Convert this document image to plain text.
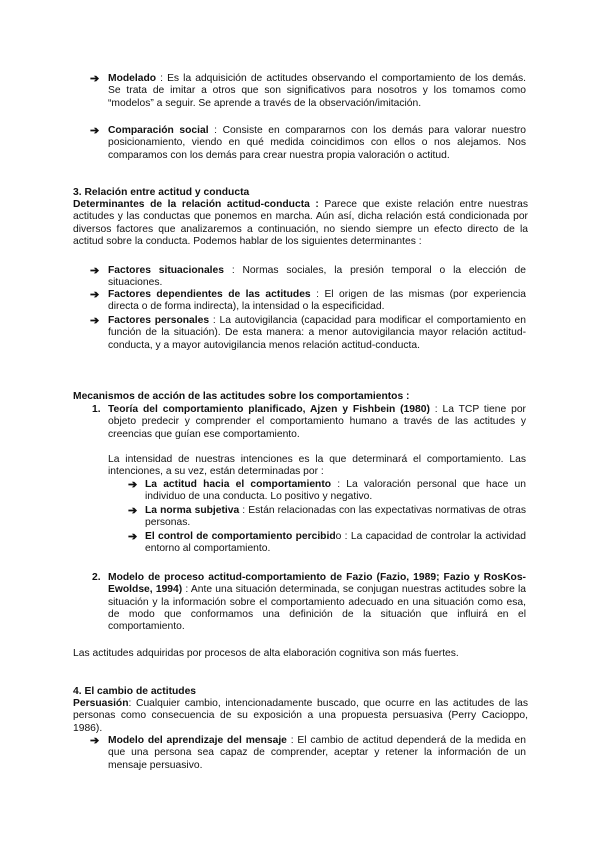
➔ Modelado : Es la adquisición de actitudes observando el comportamiento de los demás. Se trata de imitar a otros que son significativos para nosotros y los tomamos como “modelos” a seguir. Se aprende a través de la observación/imitación.
➔ Comparación social : Consiste en compararnos con los demás para valorar nuestro posicionamiento, viendo en qué medida coincidimos con ellos o nos alejamos. Nos comparamos con los demás para crear nuestra propia valoración o actitud.
3. Relación entre actitud y conducta
Determinantes de la relación actitud-conducta : Parece que existe relación entre nuestras actitudes y las conductas que ponemos en marcha. Aún así, dicha relación está condicionada por diversos factores que analizaremos a continuación, no siendo siempre un efecto directo de la actitud sobre la conducta. Podemos hablar de los siguientes determinantes :
➔ Factores situacionales : Normas sociales, la presión temporal o la elección de situaciones.
➔ Factores dependientes de las actitudes : El origen de las mismas (por experiencia directa o de forma indirecta), la intensidad o la especificidad.
➔ Factores personales : La autovigilancia (capacidad para modificar el comportamiento en función de la situación). De esta manera: a menor autovigilancia mayor relación actitud-conducta, y a mayor autovigilancia menos relación actitud-conducta.
Mecanismos de acción de las actitudes sobre los comportamientos :
1. Teoría del comportamiento planificado, Ajzen y Fishbein (1980) : La TCP tiene por objeto predecir y comprender el comportamiento humano a través de las actitudes y creencias que guían ese comportamiento.
La intensidad de nuestras intenciones es la que determinará el comportamiento. Las intenciones, a su vez, están determinadas por :
➔ La actitud hacia el comportamiento : La valoración personal que hace un individuo de una conducta. Lo positivo y negativo.
➔ La norma subjetiva : Están relacionadas con las expectativas normativas de otras personas.
➔ El control de comportamiento percibido : La capacidad de controlar la actividad entorno al comportamiento.
2. Modelo de proceso actitud-comportamiento de Fazio (Fazio, 1989; Fazio y RosKos-Ewoldse, 1994) : Ante una situación determinada, se conjugan nuestras actitudes sobre la situación y la información sobre el comportamiento adecuado en una situación como esa, de modo que conformamos una definición de la situación que influirá en el comportamiento.
Las actitudes adquiridas por procesos de alta elaboración cognitiva son más fuertes.
4. El cambio de actitudes
Persuasión: Cualquier cambio, intencionadamente buscado, que ocurre en las actitudes de las personas como consecuencia de su exposición a una propuesta persuasiva (Perry Cacioppo, 1986).
➔ Modelo del aprendizaje del mensaje : El cambio de actitud dependerá de la medida en que una persona sea capaz de comprender, aceptar y retener la información de un mensaje persuasivo.
